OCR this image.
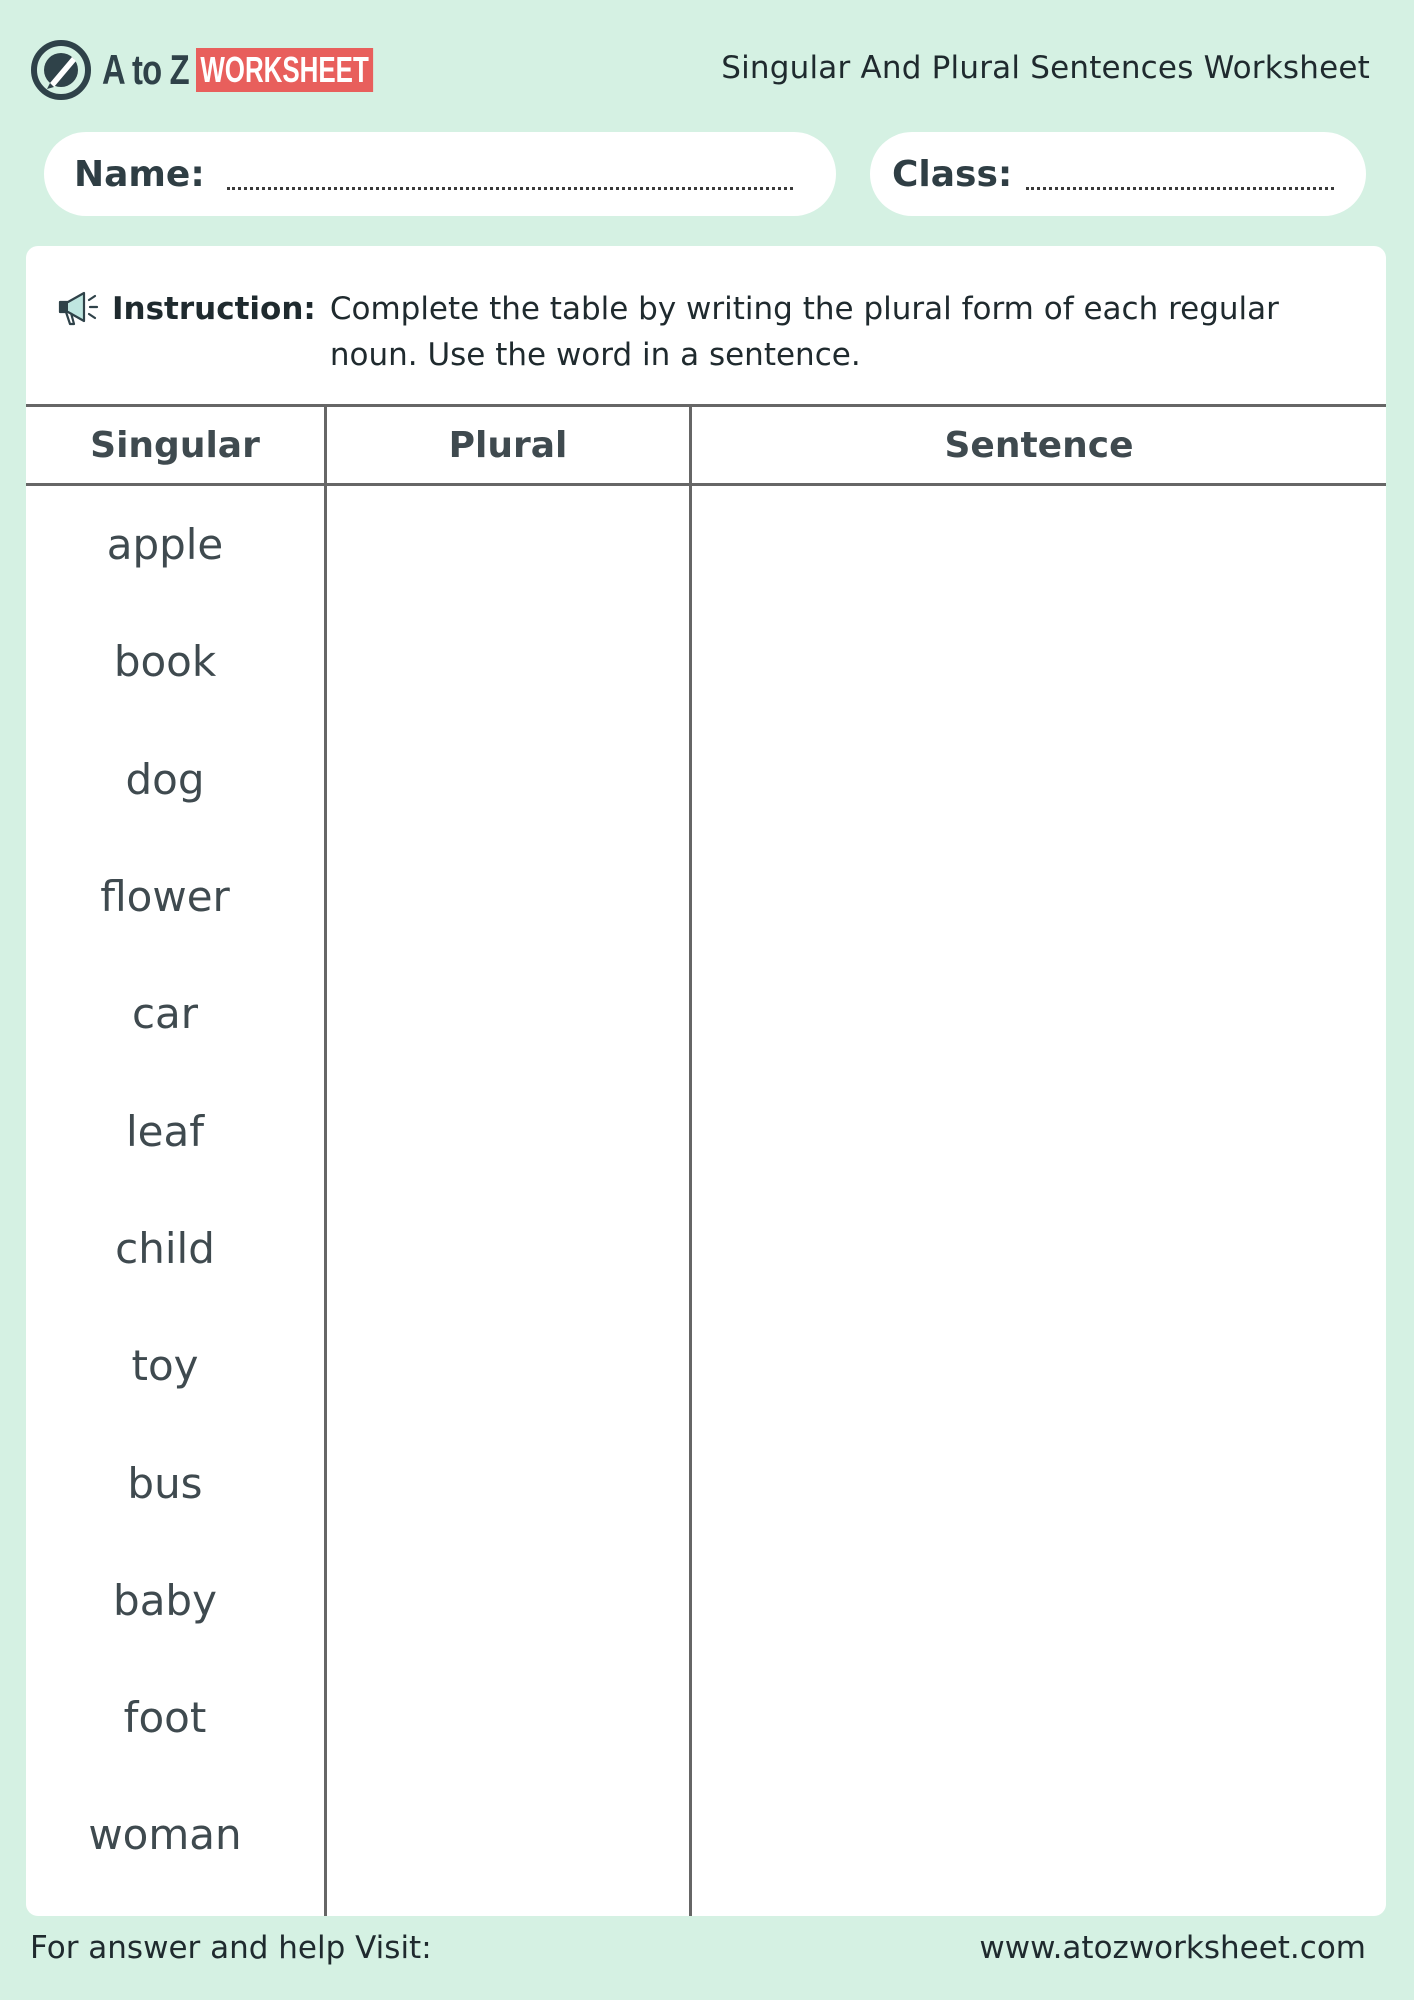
A to Z WORKSHEET	Singular And Plural Sentences Worksheet
Name:	Class:
Instruction: Complete the table by writing the plural form of each regular noun. Use the word in a sentence.
Singular	Plural	Sentence
apple
book
dog
flower
car
leaf
child
toy
bus
baby
foot
woman
For answer and help Visit:	www.atozworksheet.com
